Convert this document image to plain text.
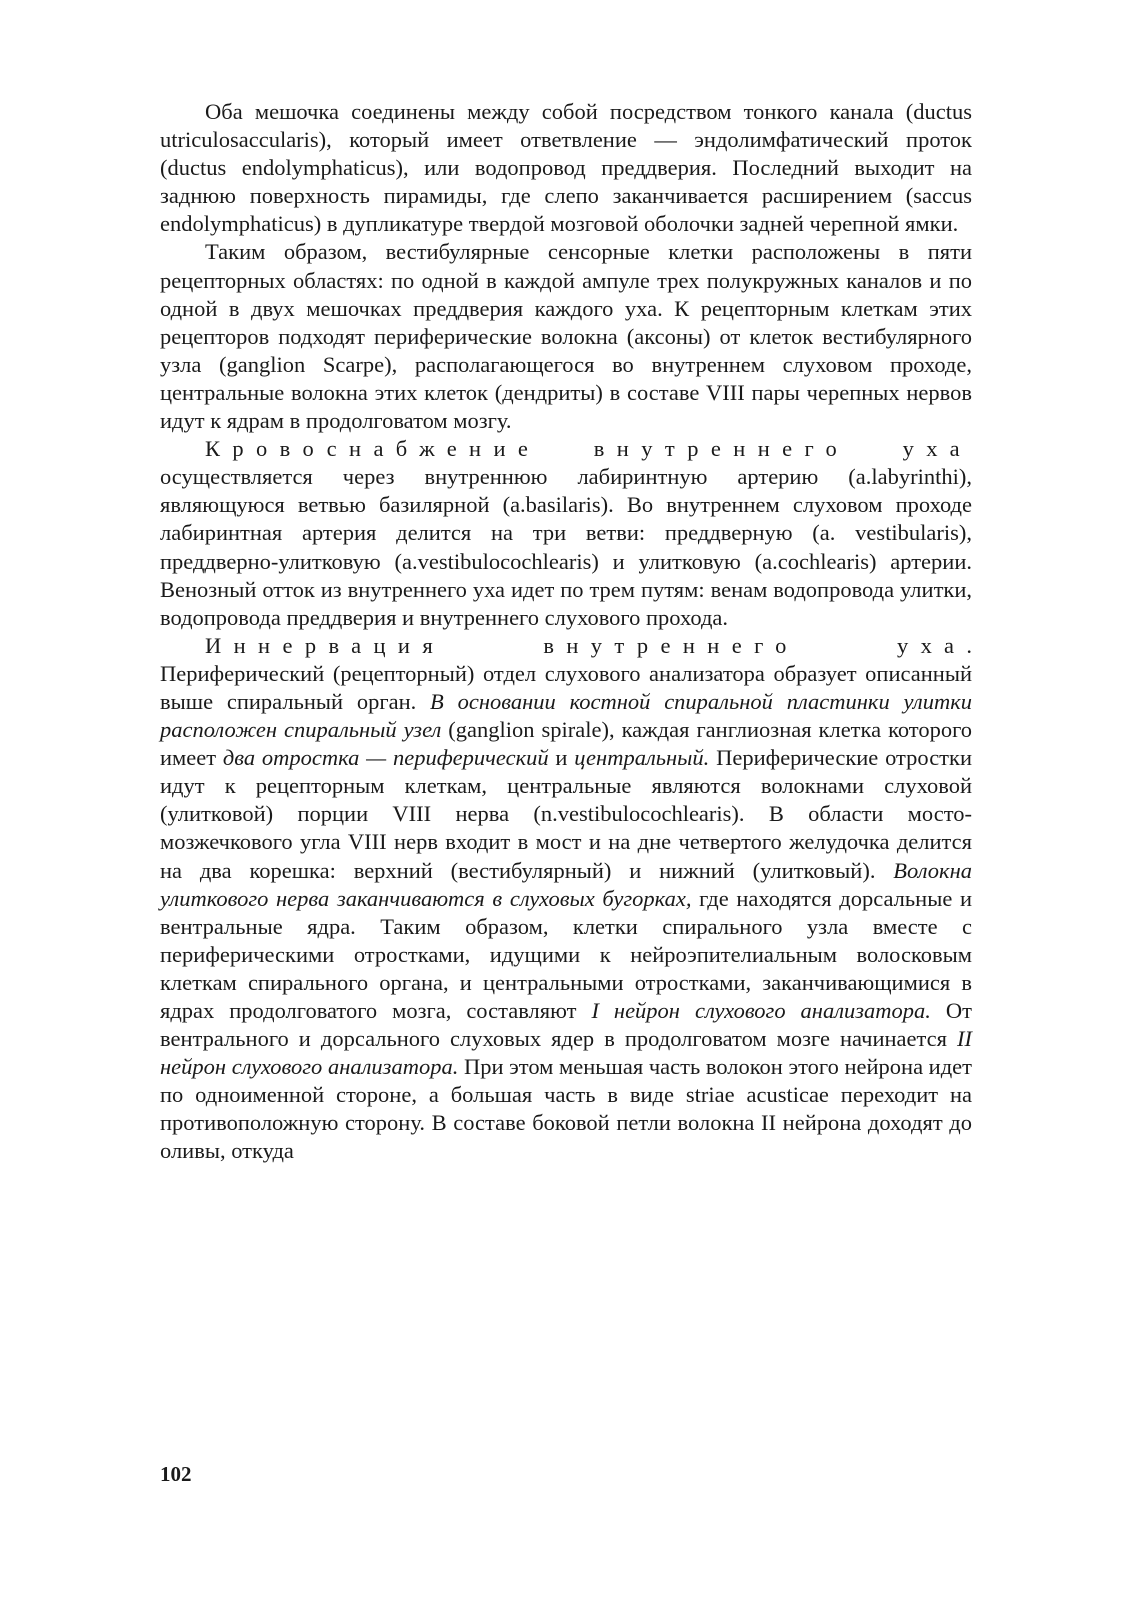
Оба мешочка соединены между собой посредством тонкого канала (ductus utriculosaccularis), который имеет ответвление — эндолимфатический проток (ductus endolymphaticus), или водопровод преддверия. Последний выходит на заднюю поверхность пирамиды, где слепо заканчивается расширением (saccus endolymphaticus) в дупликатуре твердой мозговой оболочки задней черепной ямки.

Таким образом, вестибулярные сенсорные клетки расположены в пяти рецепторных областях: по одной в каждой ампуле трех полукружных каналов и по одной в двух мешочках преддверия каждого уха. К рецепторным клеткам этих рецепторов подходят периферические волокна (аксоны) от клеток вестибулярного узла (ganglion Scarpe), располагающегося во внутреннем слуховом проходе, центральные волокна этих клеток (дендриты) в составе VIII пары черепных нервов идут к ядрам в продолговатом мозгу.

Кровоснабжение внутреннего уха осуществляется через внутреннюю лабиринтную артерию (a.labyrinthi), являющуюся ветвью базилярной (a.basilaris). Во внутреннем слуховом проходе лабиринтная артерия делится на три ветви: преддверную (a. vestibularis), преддверно-улитковую (a.vestibulocochlearis) и улитковую (a.cochlearis) артерии. Венозный отток из внутреннего уха идет по трем путям: венам водопровода улитки, водопровода преддверия и внутреннего слухового прохода.

Иннервация внутреннего уха. Периферический (рецепторный) отдел слухового анализатора образует описанный выше спиральный орган. В основании костной спиральной пластинки улитки расположен спиральный узел (ganglion spirale), каждая ганглиозная клетка которого имеет два отростка — периферический и центральный. Периферические отростки идут к рецепторным клеткам, центральные являются волокнами слуховой (улитковой) порции VIII нерва (n.vestibulocochlearis). В области мосто-мозжечкового угла VIII нерв входит в мост и на дне четвертого желудочка делится на два корешка: верхний (вестибулярный) и нижний (улитковый). Волокна улиткового нерва заканчиваются в слуховых бугорках, где находятся дорсальные и вентральные ядра. Таким образом, клетки спирального узла вместе с периферическими отростками, идущими к нейроэпителиальным волосковым клеткам спирального органа, и центральными отростками, заканчивающимися в ядрах продолговатого мозга, составляют I нейрон слухового анализатора. От вентрального и дорсального слуховых ядер в продолговатом мозге начинается II нейрон слухового анализатора. При этом меньшая часть волокон этого нейрона идет по одноименной стороне, а большая часть в виде striae acusticae переходит на противоположную сторону. В составе боковой петли волокна II нейрона доходят до оливы, откуда

102
